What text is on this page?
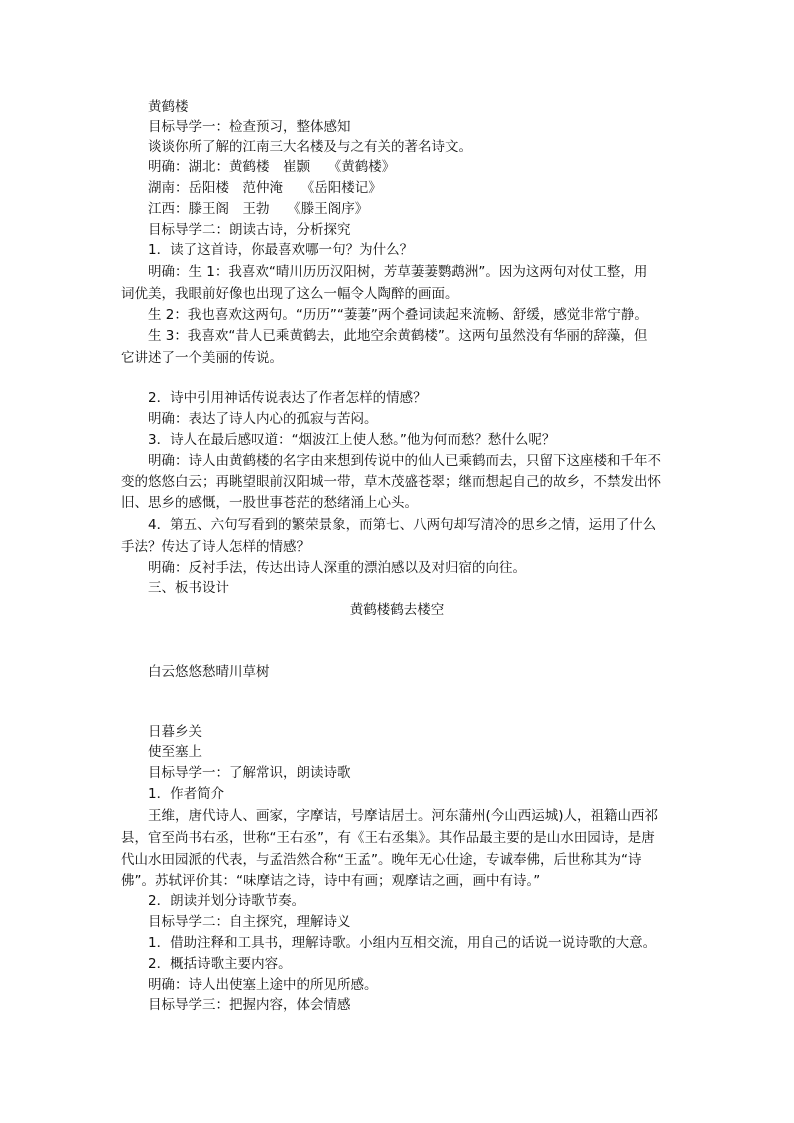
黄鹤楼
目标导学一：检查预习，整体感知
谈谈你所了解的江南三大名楼及与之有关的著名诗文。
明确：湖北：黄鹤楼　崔颢　 《黄鹤楼》
湖南：岳阳楼　范仲淹　 《岳阳楼记》
江西：滕王阁　王勃　 《滕王阁序》
目标导学二：朗读古诗，分析探究
1．读了这首诗，你最喜欢哪一句？为什么？
明确：生 1：我喜欢“晴川历历汉阳树，芳草萋萋鹦鹉洲”。因为这两句对仗工整，用
词优美，我眼前好像也出现了这么一幅令人陶醉的画面。
生 2：我也喜欢这两句。“历历”“萋萋”两个叠词读起来流畅、舒缓，感觉非常宁静。
生 3：我喜欢“昔人已乘黄鹤去，此地空余黄鹤楼”。这两句虽然没有华丽的辞藻，但
它讲述了一个美丽的传说。
2．诗中引用神话传说表达了作者怎样的情感？
明确：表达了诗人内心的孤寂与苦闷。
3．诗人在最后感叹道：“烟波江上使人愁。”他为何而愁？愁什么呢？
明确：诗人由黄鹤楼的名字由来想到传说中的仙人已乘鹤而去，只留下这座楼和千年不
变的悠悠白云；再眺望眼前汉阳城一带，草木茂盛苍翠；继而想起自己的故乡，不禁发出怀
旧、思乡的感慨，一股世事苍茫的愁绪涌上心头。
4．第五、六句写看到的繁荣景象，而第七、八两句却写清冷的思乡之情，运用了什么
手法？传达了诗人怎样的情感？
明确：反衬手法，传达出诗人深重的漂泊感以及对归宿的向往。
三、板书设计
黄鹤楼鹤去楼空
白云悠悠愁晴川草树
日暮乡关
使至塞上
目标导学一：了解常识，朗读诗歌
1．作者简介
王维，唐代诗人、画家，字摩诘，号摩诘居士。河东蒲州(今山西运城)人，祖籍山西祁
县，官至尚书右丞，世称“王右丞”，有《王右丞集》。其作品最主要的是山水田园诗，是唐
代山水田园派的代表，与孟浩然合称“王孟”。晚年无心仕途，专诚奉佛，后世称其为“诗
佛”。苏轼评价其：“味摩诘之诗，诗中有画；观摩诘之画，画中有诗。”
2．朗读并划分诗歌节奏。
目标导学二：自主探究，理解诗义
1．借助注释和工具书，理解诗歌。小组内互相交流，用自己的话说一说诗歌的大意。
2．概括诗歌主要内容。
明确：诗人出使塞上途中的所见所感。
目标导学三：把握内容，体会情感
